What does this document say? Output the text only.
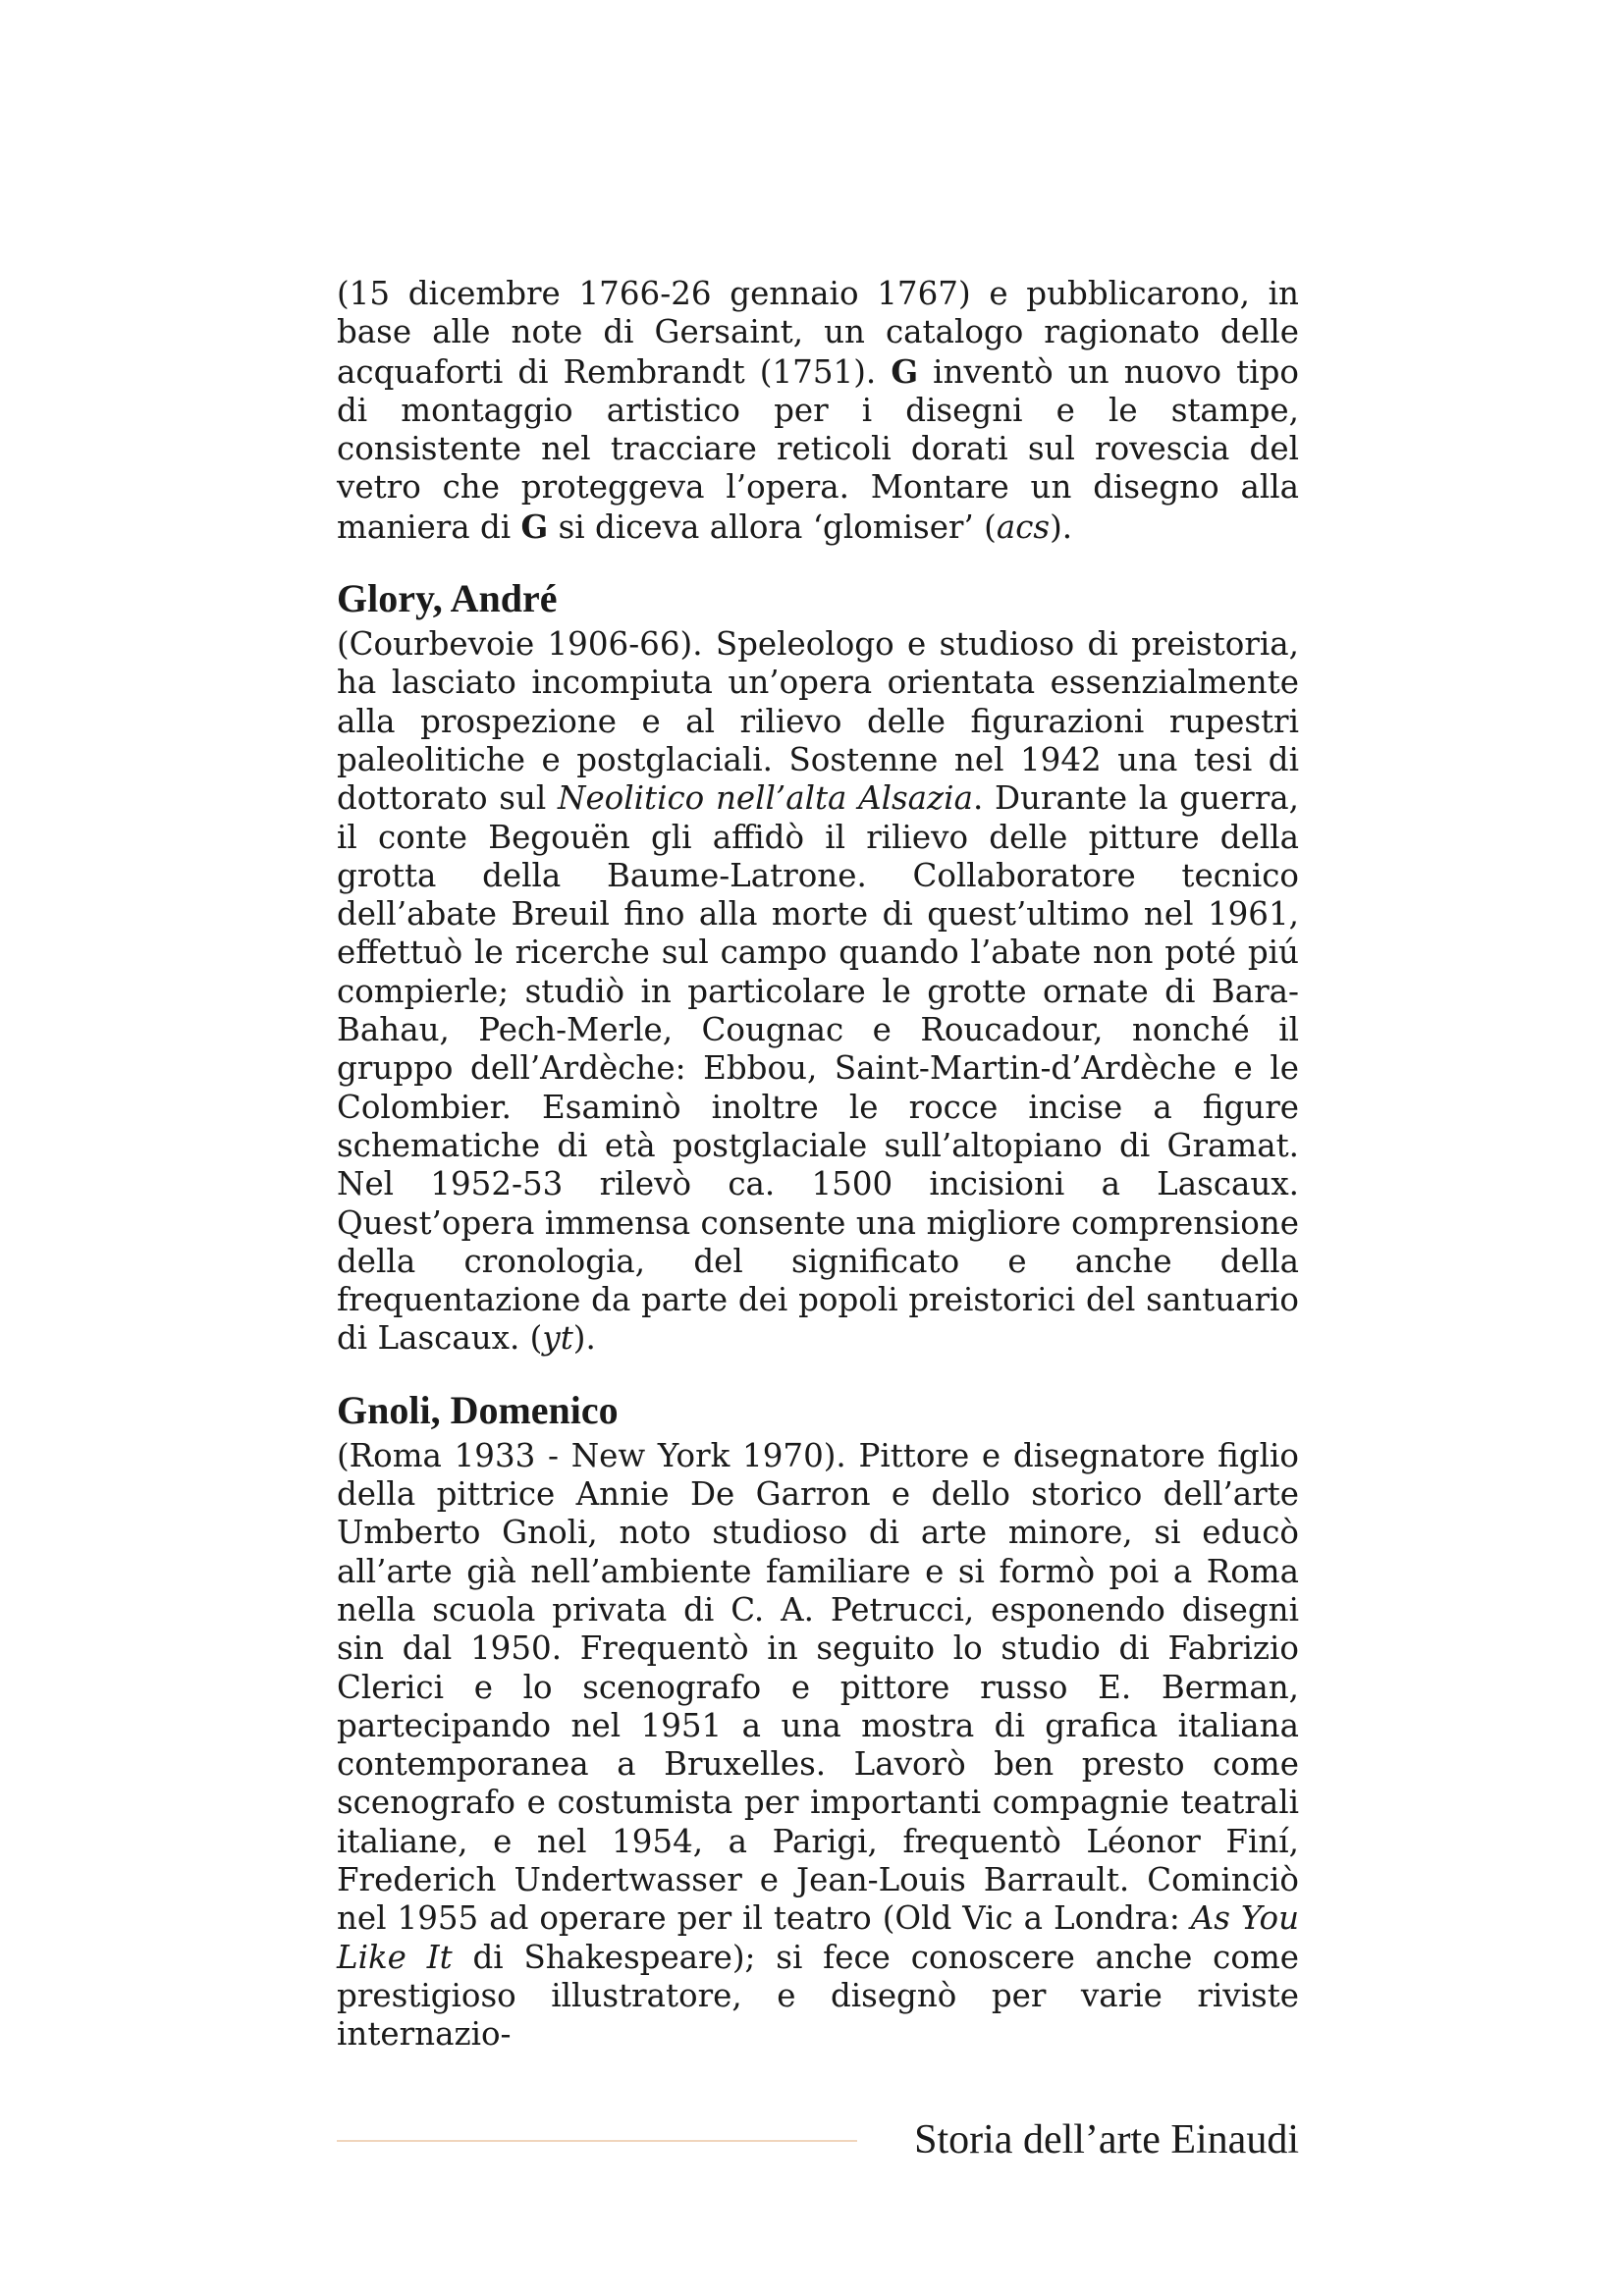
(15 dicembre 1766-26 gennaio 1767) e pubblicarono, in base alle note di Gersaint, un catalogo ragionato delle acquaforti di Rembrandt (1751). G inventò un nuovo tipo di montaggio artistico per i disegni e le stampe, consistente nel tracciare reticoli dorati sul rovescia del vetro che proteggeva l’opera. Montare un disegno alla maniera di G si diceva allora ‘glomiser’ (acs).

Glory, André

(Courbevoie 1906-66). Speleologo e studioso di preistoria, ha lasciato incompiuta un’opera orientata essenzialmente alla prospezione e al rilievo delle figurazioni rupestri paleolitiche e postglaciali. Sostenne nel 1942 una tesi di dottorato sul Neolitico nell’alta Alsazia. Durante la guerra, il conte Begouën gli affidò il rilievo delle pitture della grotta della Baume-Latrone. Collaboratore tecnico dell’abate Breuil fino alla morte di quest’ultimo nel 1961, effettuò le ricerche sul campo quando l’abate non poté piú compierle; studiò in particolare le grotte ornate di Bara-Bahau, Pech-Merle, Cougnac e Roucadour, nonché il gruppo dell’Ardèche: Ebbou, Saint-Martin-d’Ardèche e le Colombier. Esaminò inoltre le rocce incise a figure schematiche di età postglaciale sull’altopiano di Gramat. Nel 1952-53 rilevò ca. 1500 incisioni a Lascaux. Quest’opera immensa consente una migliore comprensione della cronologia, del significato e anche della frequentazione da parte dei popoli preistorici del santuario di Lascaux. (yt).

Gnoli, Domenico

(Roma 1933 - New York 1970). Pittore e disegnatore figlio della pittrice Annie De Garron e dello storico dell’arte Umberto Gnoli, noto studioso di arte minore, si educò all’arte già nell’ambiente familiare e si formò poi a Roma nella scuola privata di C. A. Petrucci, esponendo disegni sin dal 1950. Frequentò in seguito lo studio di Fabrizio Clerici e lo scenografo e pittore russo E. Berman, partecipando nel 1951 a una mostra di grafica italiana contemporanea a Bruxelles. Lavorò ben presto come scenografo e costumista per importanti compagnie teatrali italiane, e nel 1954, a Parigi, frequentò Léonor Finí, Frederich Undertwasser e Jean-Louis Barrault. Cominciò nel 1955 ad operare per il teatro (Old Vic a Londra: As You Like It di Shakespeare); si fece conoscere anche come prestigioso illustratore, e disegnò per varie riviste internazio-

Storia dell’arte Einaudi
